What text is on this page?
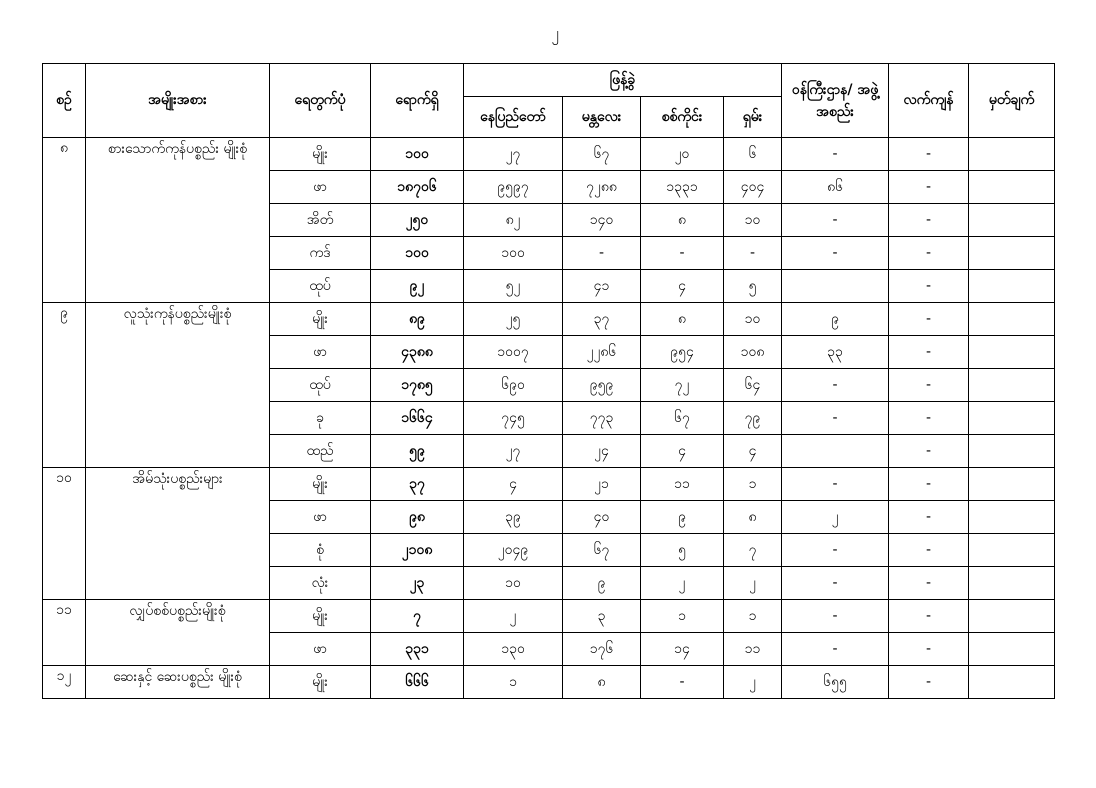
၂
စဉ်	အမျိုးအစား	ရေတွက်ပုံ	ရောက်ရှိ	ဖြန့်ခွဲ				ဝန်ကြီးဌာန/ အဖွဲ့အစည်း	လက်ကျန်	မှတ်ချက်
				နေပြည်တော်	မန္တလေး	စစ်ကိုင်း	ရှမ်း			
၈	စားသောက်ကုန်ပစ္စည်း မျိုးစုံ	မျိုး	၁၀၀	၂၇	၆၇	၂၀	၆	-	-	
		ဖာ	၁၈၇၀၆	၉၅၉၇	၇၂၈၈	၁၃၃၁	၄၀၄	၈၆	-	
		အိတ်	၂၅၀	၈၂	၁၄၀	၈	၁၀	-	-	
		ကဒ်	၁၀၀	၁၀၀	-	-	-	-	-	
		ထုပ်	၉၂	၅၂	၄၁	၄	၅		-	
၉	လူသုံးကုန်ပစ္စည်းမျိုးစုံ	မျိုး	၈၉	၂၅	၃၇	၈	၁၀	၉	-	
		ဖာ	၄၃၈၈	၁၀၀၇	၂၂၈၆	၉၅၄	၁၀၈	၃၃	-	
		ထုပ်	၁၇၈၅	၆၉၀	၉၅၉	၇၂	၆၄	-	-	
		ခု	၁၆၆၄	၇၄၅	၇၇၃	၆၇	၇၉	-	-	
		ထည်	၅၉	၂၇	၂၄	၄	၄		-	
၁၀	အိမ်သုံးပစ္စည်းများ	မျိုး	၃၇	၄	၂၁	၁၁	၁	-	-	
		ဖာ	၉၈	၃၉	၄၀	၉	၈	၂	-	
		စုံ	၂၁၀၈	၂၀၄၉	၆၇	၅	၇	-	-	
		လုံး	၂၃	၁၀	၉	၂	၂	-	-	
၁၁	လျှပ်စစ်ပစ္စည်းမျိုးစုံ	မျိုး	၇	၂	၃	၁	၁	-	-	
		ဖာ	၃၃၁	၁၃၀	၁၇၆	၁၄	၁၁	-	-	
၁၂	ဆေးနှင့် ဆေးပစ္စည်း မျိုးစုံ	မျိုး	၆၆၆	၁	၈	-	၂	၆၅၅	-	
